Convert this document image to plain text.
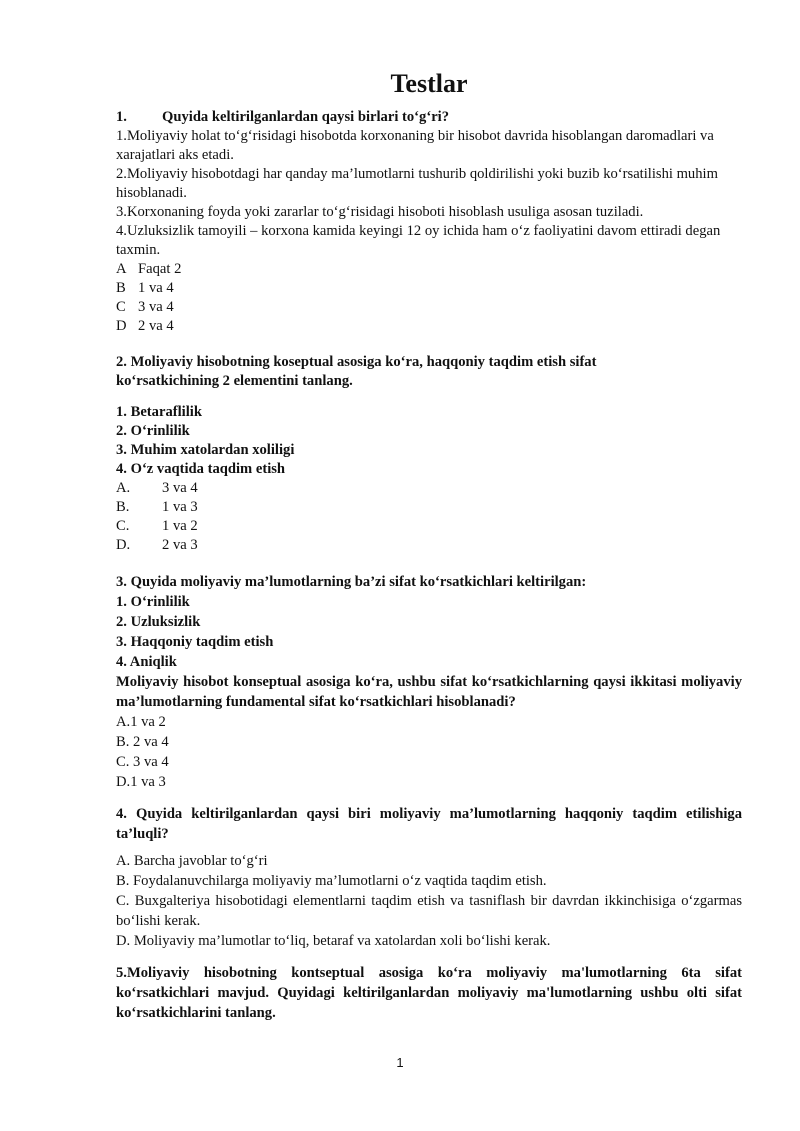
Testlar
1.	Quyida keltirilganlardan qaysi birlari to‘g‘ri?

1.Moliyaviy holat to‘g‘risidagi hisobotda korxonaning bir hisobot davrida hisoblangan daromadlari va xarajatlari aks etadi.

2.Moliyaviy hisobotdagi har qanday ma’lumotlarni tushurib qoldirilishi yoki buzib ko‘rsatilishi muhim hisoblanadi.

3.Korxonaning foyda yoki zararlar to‘g‘risidagi hisoboti hisoblash usuliga asosan tuziladi.

4.Uzluksizlik tamoyili – korxona kamida keyingi 12 oy ichida ham o‘z faoliyatini davom ettiradi degan taxmin.

A Faqat 2
B 1 va 4
C 3 va 4
D 2 va 4

2. Moliyaviy hisobotning koseptual asosiga ko‘ra, haqqoniy taqdim etish sifat ko‘rsatkichining 2 elementini tanlang.

1. Betaraflilik

2. O‘rinlilik

3. Muhim xatolardan xoliligi

4. O‘z vaqtida taqdim etish

A.	3 va 4
B.	1 va 3
C.	1 va 2
D.	2 va 3

3. Quyida moliyaviy ma’lumotlarning ba’zi sifat ko‘rsatkichlari keltirilgan:

1. O‘rinlilik

2. Uzluksizlik

3. Haqqoniy taqdim etish

4. Aniqlik

Moliyaviy hisobot konseptual asosiga ko‘ra, ushbu sifat ko‘rsatkichlarning qaysi ikkitasi moliyaviy ma’lumotlarning fundamental sifat ko‘rsatkichlari hisoblanadi?

A.1 va 2

B. 2 va 4

C. 3 va 4

D.1 va 3

4. Quyida keltirilganlardan qaysi biri moliyaviy ma’lumotlarning haqqoniy taqdim etilishiga ta’luqli?

A. Barcha javoblar to‘g‘ri

B. Foydalanuvchilarga moliyaviy ma’lumotlarni o‘z vaqtida taqdim etish.

C. Buxgalteriya hisobotidagi elementlarni taqdim etish va tasniflash bir davrdan ikkinchisiga o‘zgarmas bo‘lishi kerak.

D. Moliyaviy ma’lumotlar to‘liq, betaraf va xatolardan xoli bo‘lishi kerak.

5.Moliyaviy hisobotning kontseptual asosiga ko‘ra moliyaviy ma'lumotlarning 6ta sifat ko‘rsatkichlari mavjud. Quyidagi keltirilganlardan moliyaviy ma'lumotlarning ushbu olti sifat ko‘rsatkichlarini tanlang.

1
